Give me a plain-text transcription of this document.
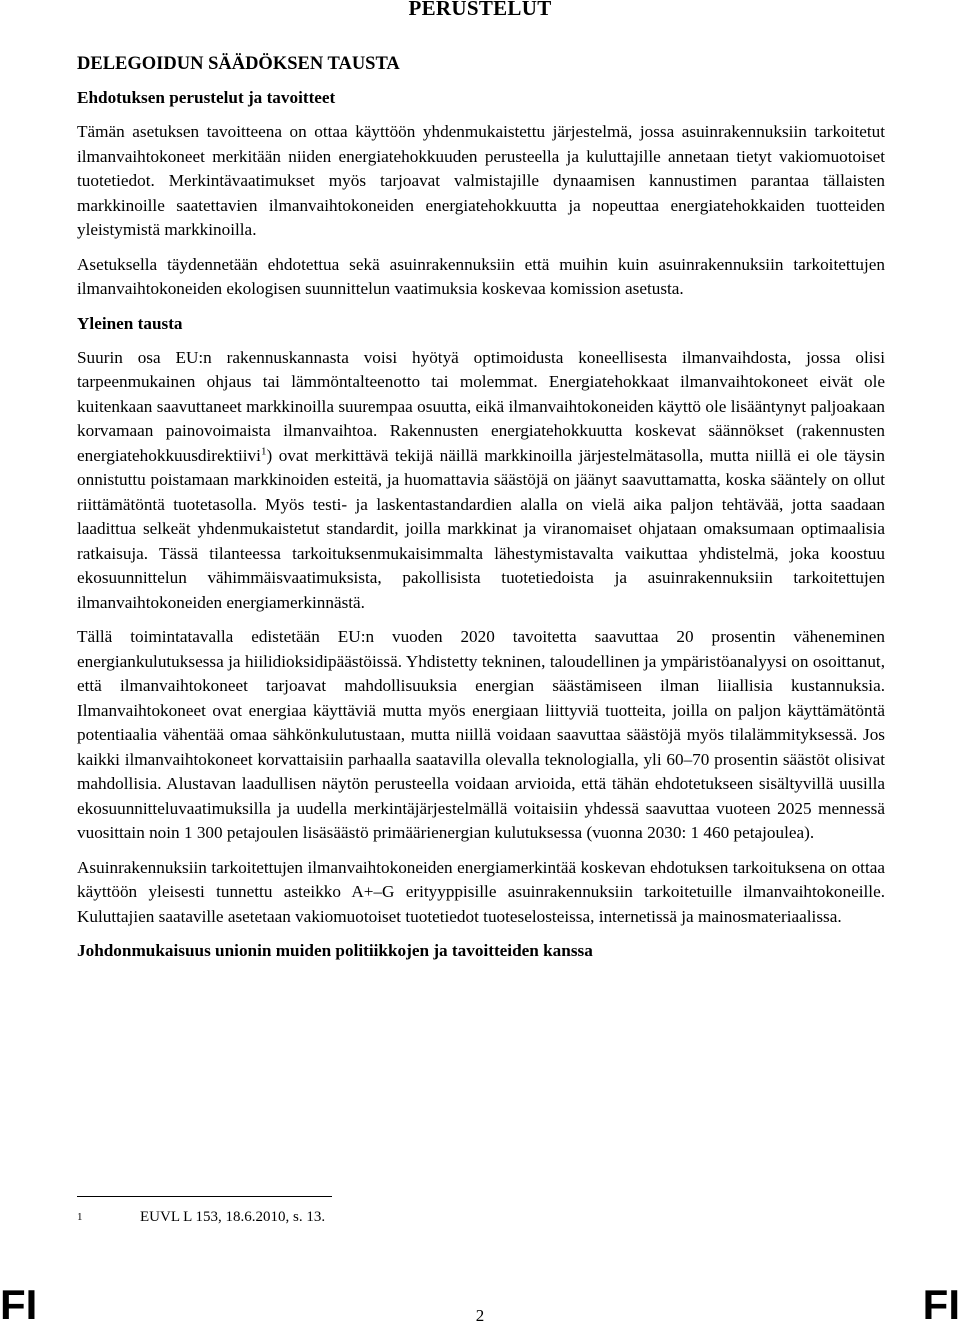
PERUSTELUT
DELEGOIDUN SÄÄDÖKSEN TAUSTA
Ehdotuksen perustelut ja tavoitteet

Tämän asetuksen tavoitteena on ottaa käyttöön yhdenmukaistettu järjestelmä, jossa asuinrakennuksiin tarkoitetut ilmanvaihtokoneet merkitään niiden energiatehokkuuden perusteella ja kuluttajille annetaan tietyt vakiomuotoiset tuotetiedot. Merkintävaatimukset myös tarjoavat valmistajille dynaamisen kannustimen parantaa tällaisten markkinoille saatettavien ilmanvaihtokoneiden energiatehokkuutta ja nopeuttaa energiatehokkaiden tuotteiden yleistymistä markkinoilla.

Asetuksella täydennetään ehdotettua sekä asuinrakennuksiin että muihin kuin asuinrakennuksiin tarkoitettujen ilmanvaihtokoneiden ekologisen suunnittelun vaatimuksia koskevaa komission asetusta.

Yleinen tausta

Suurin osa EU:n rakennuskannasta voisi hyötyä optimoidusta koneellisesta ilmanvaihdosta, jossa olisi tarpeenmukainen ohjaus tai lämmöntalteenotto tai molemmat. Energiatehokkaat ilmanvaihtokoneet eivät ole kuitenkaan saavuttaneet markkinoilla suurempaa osuutta, eikä ilmanvaihtokoneiden käyttö ole lisääntynyt paljoakaan korvamaan painovoimaista ilmanvaihtoa. Rakennusten energiatehokkuutta koskevat säännökset (rakennusten energiatehokkuusdirektiivi$^1$) ovat merkittävä tekijä näillä markkinoilla järjestelmätasolla, mutta niillä ei ole täysin onnistuttu poistamaan markkinoiden esteitä, ja huomattavia säästöjä on jäänyt saavuttamatta, koska sääntely on ollut riittämätöntä tuotetasolla. Myös testi- ja laskentastandardien alalla on vielä aika paljon tehtävää, jotta saadaan laadittua selkeät yhdenmukaistetut standardit, joilla markkinat ja viranomaiset ohjataan omaksumaan optimaalisia ratkaisuja. Tässä tilanteessa tarkoituksenmukaisimmalta lähestymistavalta vaikuttaa yhdistelmä, joka koostuu ekosuunnittelun vähimmäisvaatimuksista, pakollisista tuotetiedoista ja asuinrakennuksiin tarkoitettujen ilmanvaihtokoneiden energiamerkinnästä.

Tällä toimintatavalla edistetään EU:n vuoden 2020 tavoitetta saavuttaa 20 prosentin väheneminen energiankulutuksessa ja hiilidioksidipäästöissä. Yhdistetty tekninen, taloudellinen ja ympäristöanalyysi on osoittanut, että ilmanvaihtokoneet tarjoavat mahdollisuuksia energian säästämiseen ilman liiallisia kustannuksia. Ilmanvaihtokoneet ovat energiaa käyttäviä mutta myös energiaan liittyviä tuotteita, joilla on paljon käyttämätöntä potentiaalia vähentää omaa sähkönkulutustaan, mutta niillä voidaan saavuttaa säästöjä myös tilalämmityksessä. Jos kaikki ilmanvaihtokoneet korvattaisiin parhaalla saatavilla olevalla teknologialla, yli 60–70 prosentin säästöt olisivat mahdollisia. Alustavan laadullisen näytön perusteella voidaan arvioida, että tähän ehdotetukseen sisältyvillä uusilla ekosuunnitteluvaatimuksilla ja uudella merkintäjärjestelmällä voitaisiin yhdessä saavuttaa vuoteen 2025 mennessä vuosittain noin 1 300 petajoulen lisäsäästö primäärienergian kulutuksessa (vuonna 2030: 1 460 petajoulea).

Asuinrakennuksiin tarkoitettujen ilmanvaihtokoneiden energiamerkintää koskevan ehdotuksen tarkoituksena on ottaa käyttöön yleisesti tunnettu asteikko A+–G erityyppisille asuinrakennuksiin tarkoitetuille ilmanvaihtokoneille. Kuluttajien saataville asetetaan vakiomuotoiset tuotetiedot tuoteselosteissa, internetissä ja mainosmateriaalissa.

Johdonmukaisuus unionin muiden politiikkojen ja tavoitteiden kanssa
1	EUVL L 153, 18.6.2010, s. 13.
FI	2	FI
